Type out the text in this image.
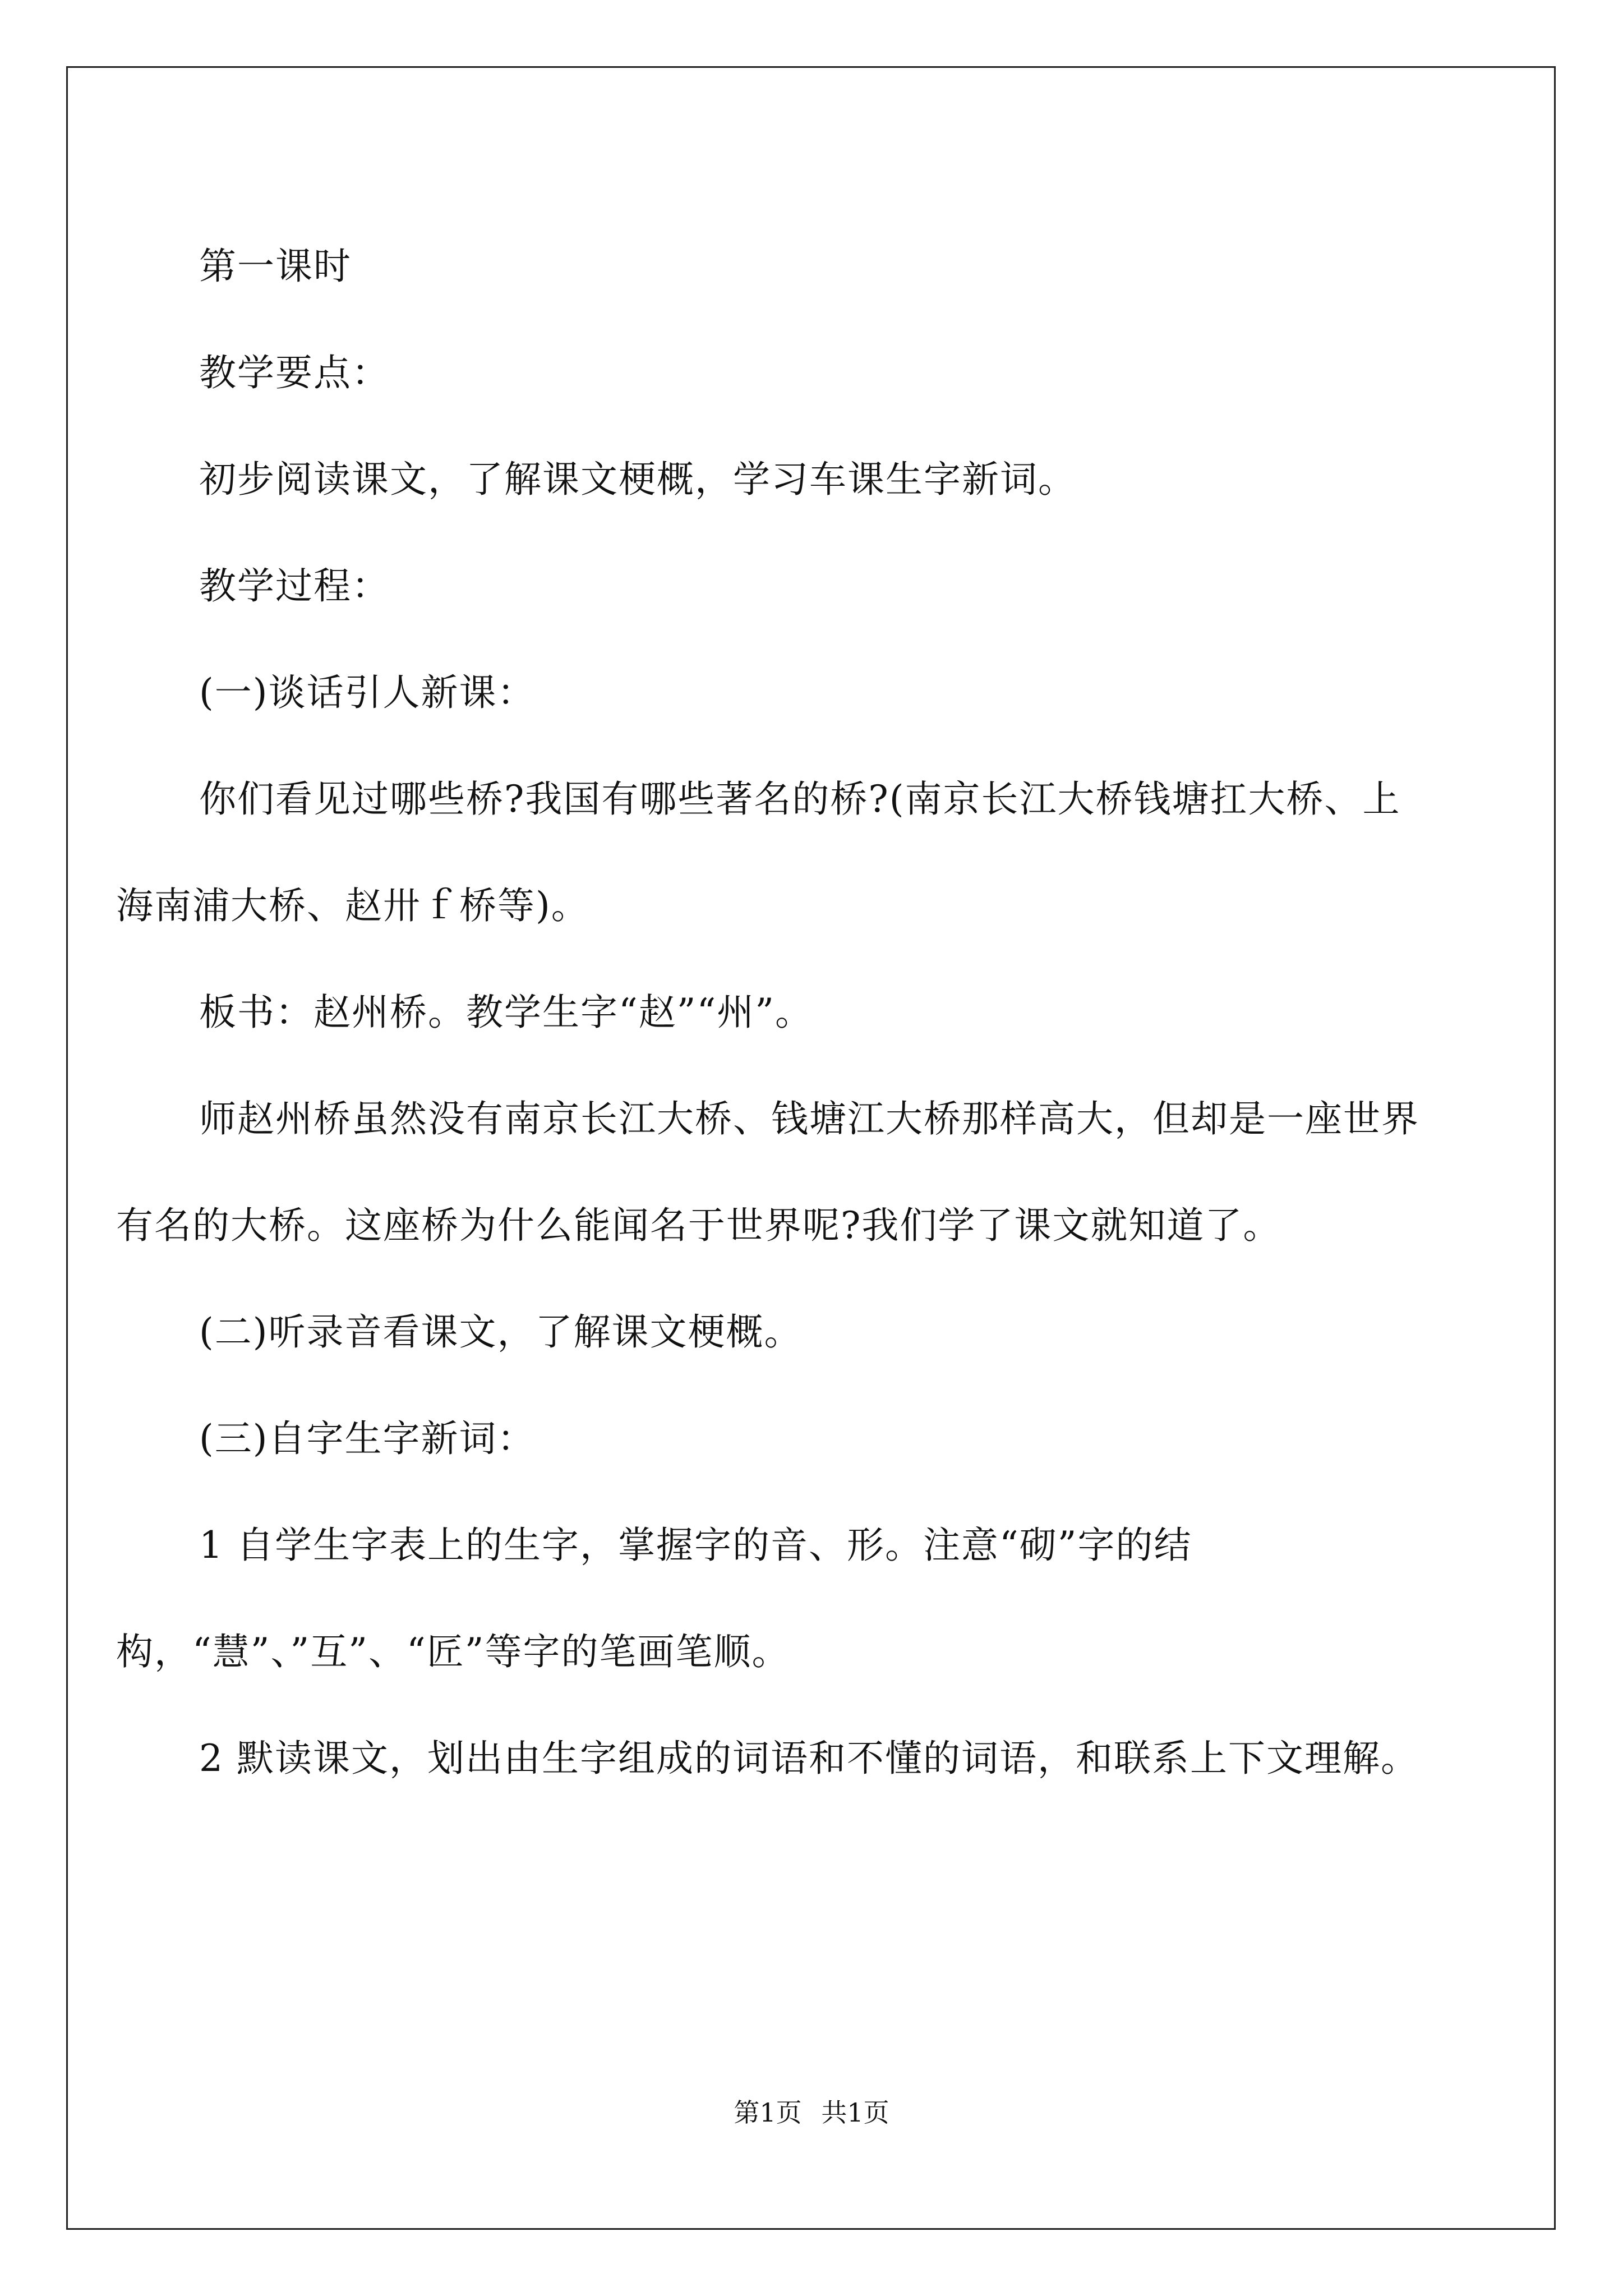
第一课时

教学要点：

初步阅读课文，了解课文梗概，学习车课生字新词。

教学过程：

(一)谈话引人新课：

你们看见过哪些桥?我国有哪些著名的桥?(南京长江大桥钱塘扛大桥、上海南浦大桥、赵卅ｆ桥等)。

板书：赵州桥。教学生字“赵”“州”。

师赵州桥虽然没有南京长江大桥、钱塘江大桥那样高大，但却是一座世界有名的大桥。这座桥为什么能闻名于世界呢?我们学了课文就知道了。

(二)听录音看课文，了解课文梗概。

(三)自字生字新词：

1 自学生字表上的生字，掌握字的音、形。注意“砌”字的结构，“慧”、”互”、“匠”等字的笔画笔顺。

2 默读课文，划出由生字组成的词语和不懂的词语，和联系上下文理解。

第1页 共1页
